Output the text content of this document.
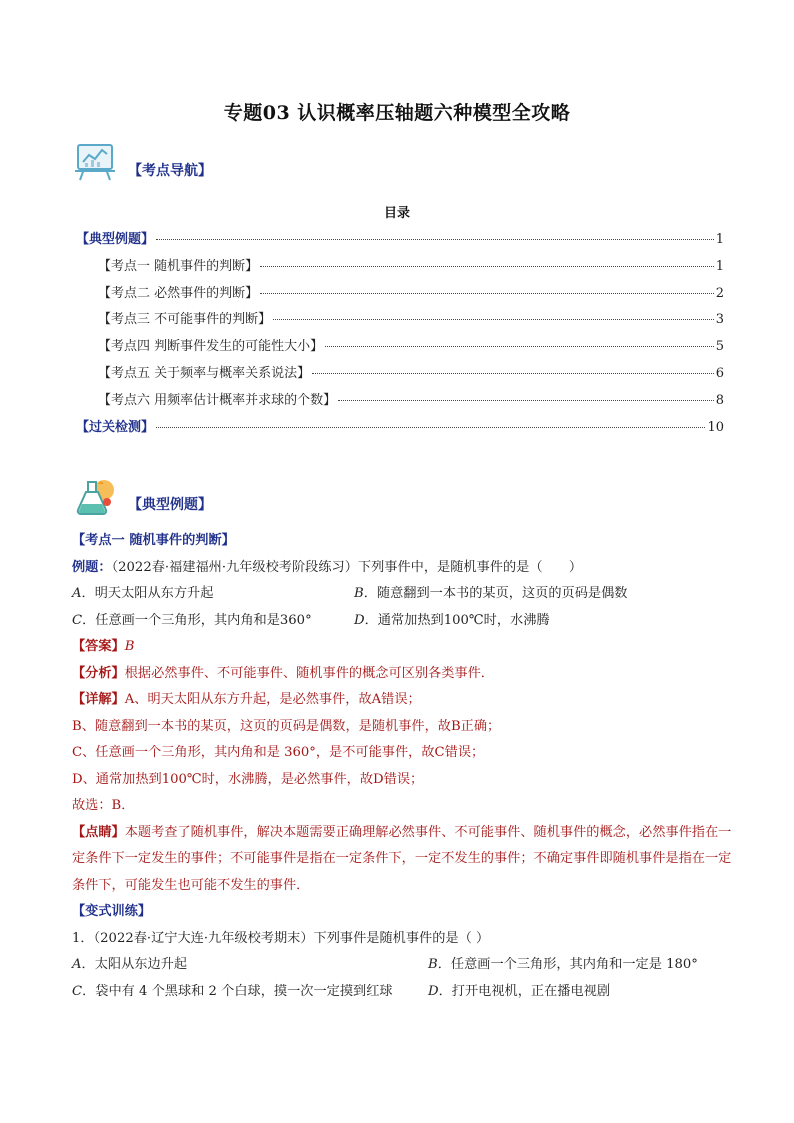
专题03 认识概率压轴题六种模型全攻略
【考点导航】
目录
【典型例题】	1
【考点一 随机事件的判断】	1
【考点二 必然事件的判断】	2
【考点三 不可能事件的判断】	3
【考点四 判断事件发生的可能性大小】	5
【考点五 关于频率与概率关系说法】	6
【考点六 用频率估计概率并求球的个数】	8
【过关检测】	10
【典型例题】
【考点一 随机事件的判断】
例题：（2022春·福建福州·九年级校考阶段练习）下列事件中，是随机事件的是（　　）
A．明天太阳从东方升起	B．随意翻到一本书的某页，这页的页码是偶数
C．任意画一个三角形，其内角和是360°	D．通常加热到100℃时，水沸腾
【答案】B
【分析】根据必然事件、不可能事件、随机事件的概念可区别各类事件．
【详解】A、明天太阳从东方升起，是必然事件，故A错误；
B、随意翻到一本书的某页，这页的页码是偶数，是随机事件，故B正确；
C、任意画一个三角形，其内角和是 360°，是不可能事件，故C错误；
D、通常加热到100℃时，水沸腾，是必然事件，故D错误；
故选：B．
【点睛】本题考查了随机事件，解决本题需要正确理解必然事件、不可能事件、随机事件的概念，必然事件指在一定条件下一定发生的事件；不可能事件是指在一定条件下，一定不发生的事件；不确定事件即随机事件是指在一定条件下，可能发生也可能不发生的事件．
【变式训练】
1．（2022春·辽宁大连·九年级校考期末）下列事件是随机事件的是（ ）
A．太阳从东边升起	B．任意画一个三角形，其内角和一定是 180°
C．袋中有 4 个黑球和 2 个白球，摸一次一定摸到红球	D．打开电视机，正在播电视剧
